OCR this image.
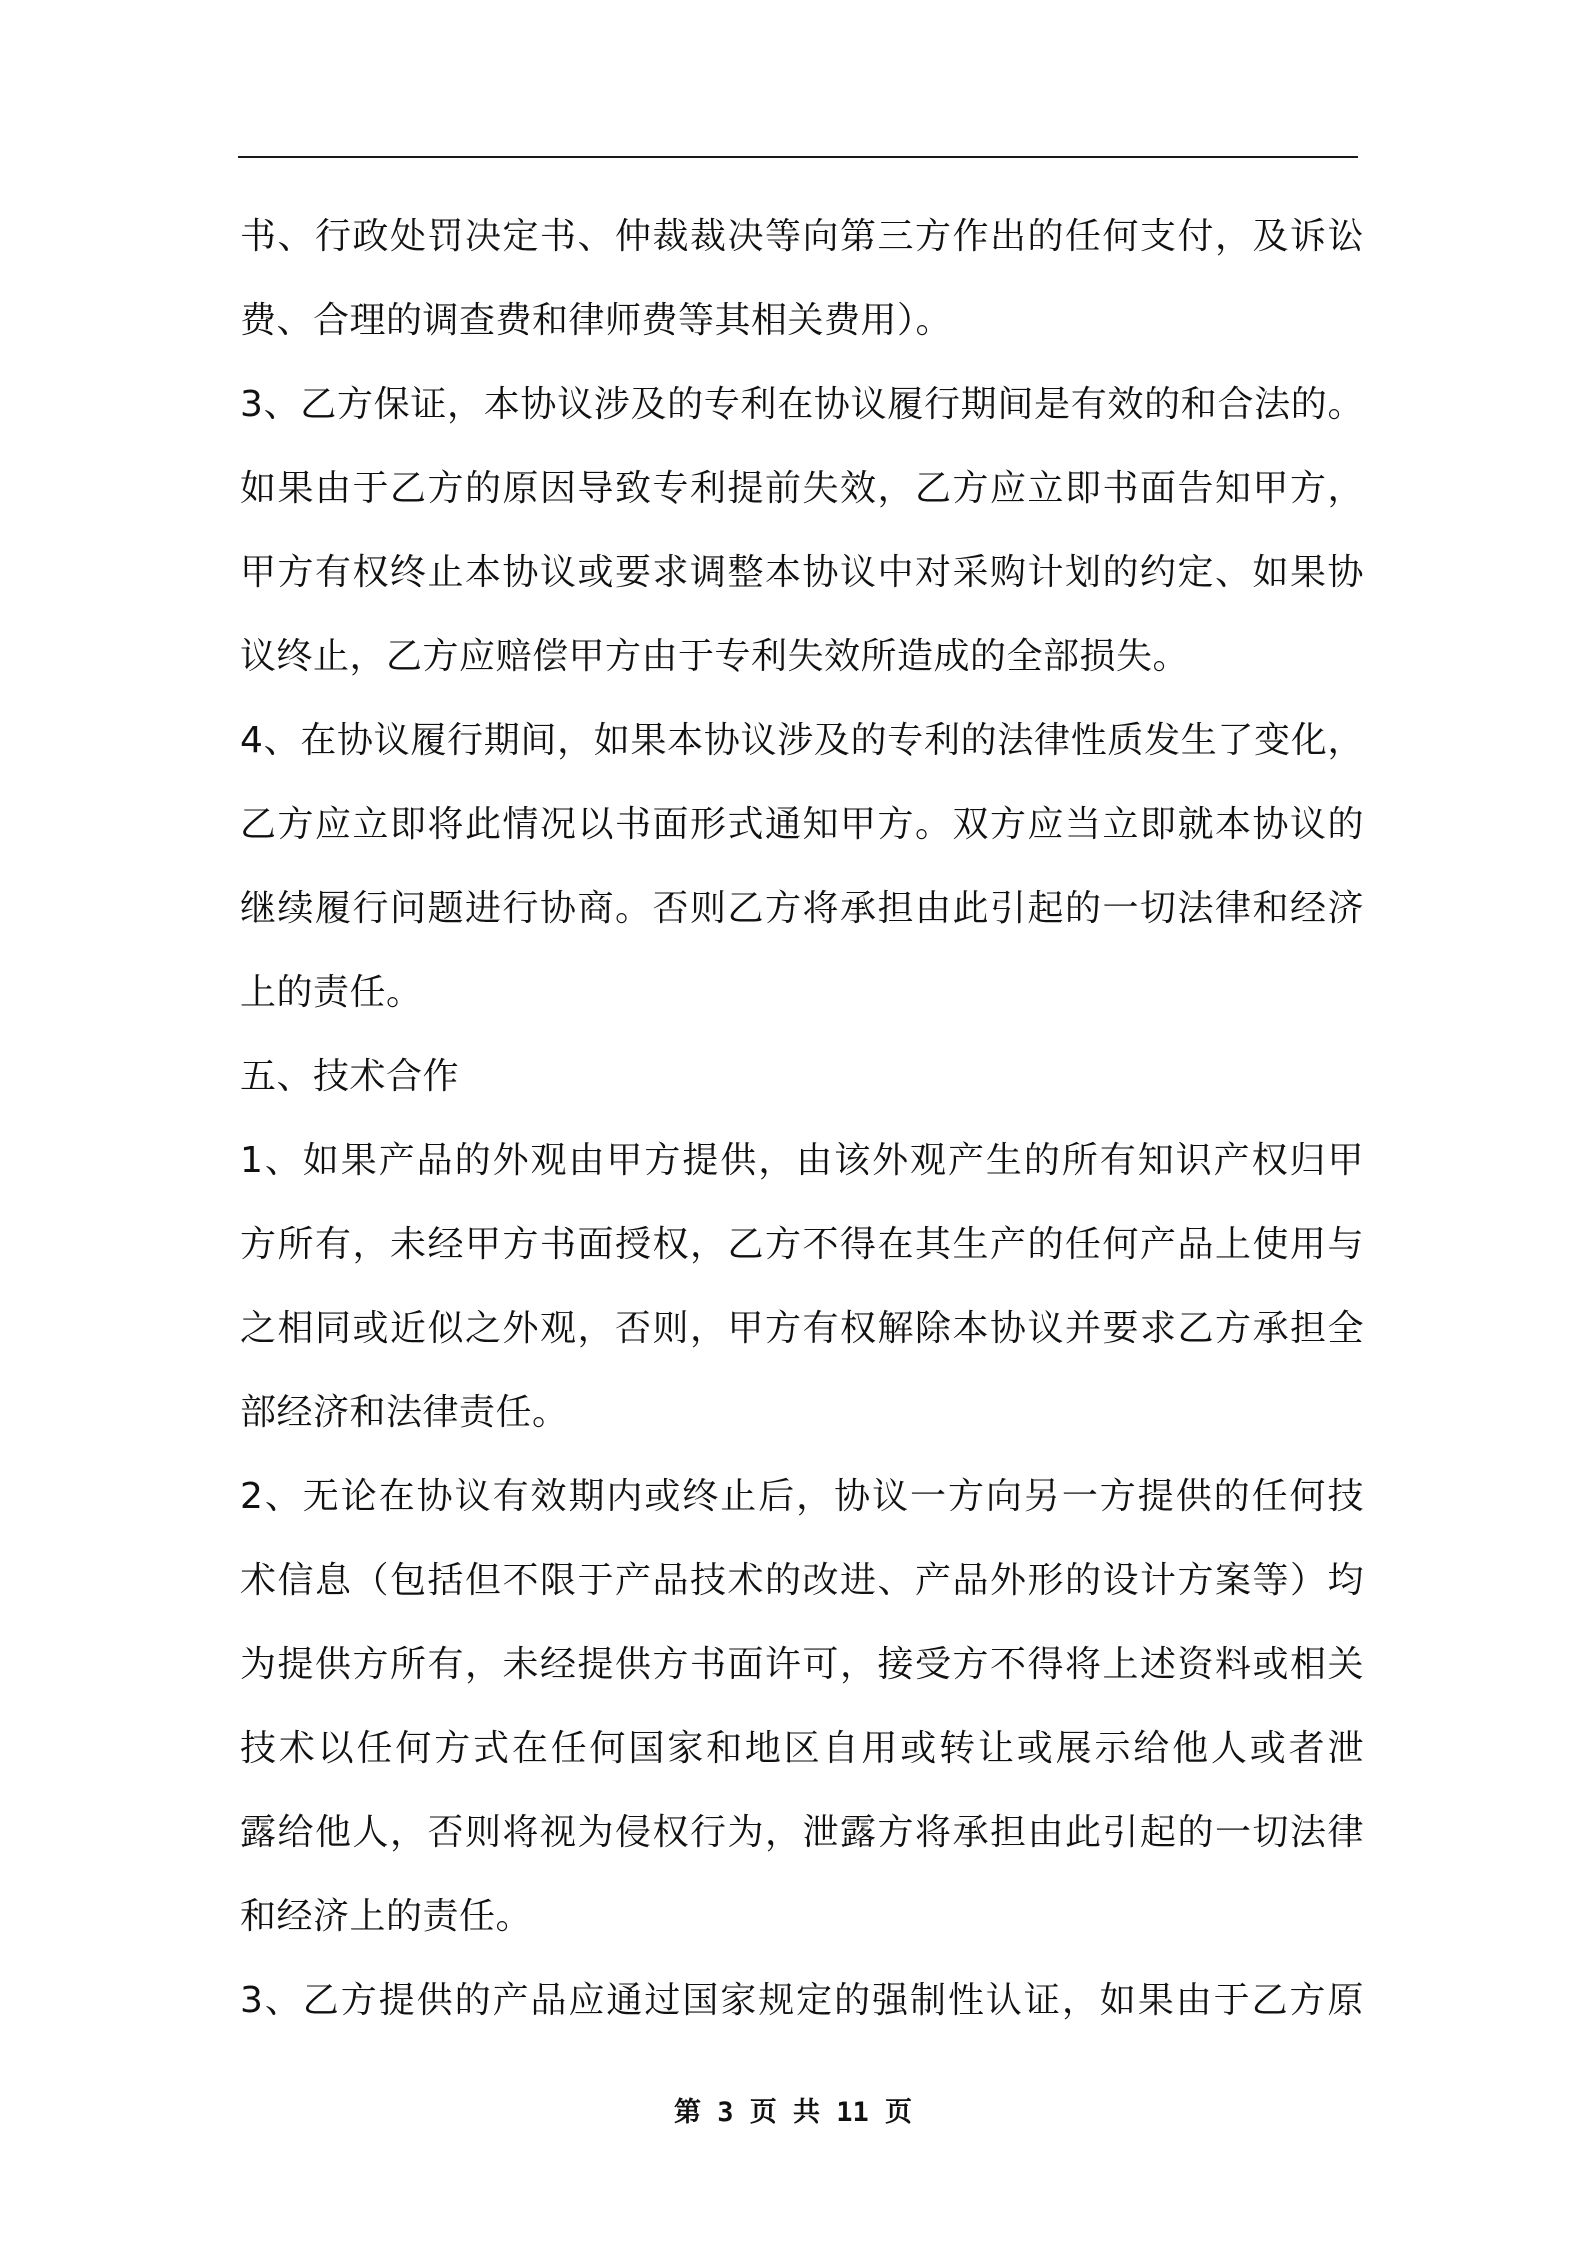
书、行政处罚决定书、仲裁裁决等向第三方作出的任何支付，及诉讼
费、合理的调查费和律师费等其相关费用）。
3、乙方保证，本协议涉及的专利在协议履行期间是有效的和合法的。
如果由于乙方的原因导致专利提前失效，乙方应立即书面告知甲方，
甲方有权终止本协议或要求调整本协议中对采购计划的约定、如果协
议终止，乙方应赔偿甲方由于专利失效所造成的全部损失。
4、在协议履行期间，如果本协议涉及的专利的法律性质发生了变化，
乙方应立即将此情况以书面形式通知甲方。双方应当立即就本协议的
继续履行问题进行协商。否则乙方将承担由此引起的一切法律和经济
上的责任。
五、技术合作
1、如果产品的外观由甲方提供，由该外观产生的所有知识产权归甲
方所有，未经甲方书面授权，乙方不得在其生产的任何产品上使用与
之相同或近似之外观，否则，甲方有权解除本协议并要求乙方承担全
部经济和法律责任。
2、无论在协议有效期内或终止后，协议一方向另一方提供的任何技
术信息（包括但不限于产品技术的改进、产品外形的设计方案等）均
为提供方所有，未经提供方书面许可，接受方不得将上述资料或相关
技术以任何方式在任何国家和地区自用或转让或展示给他人或者泄
露给他人，否则将视为侵权行为，泄露方将承担由此引起的一切法律
和经济上的责任。
3、乙方提供的产品应通过国家规定的强制性认证，如果由于乙方原
第 3 页 共 11 页
